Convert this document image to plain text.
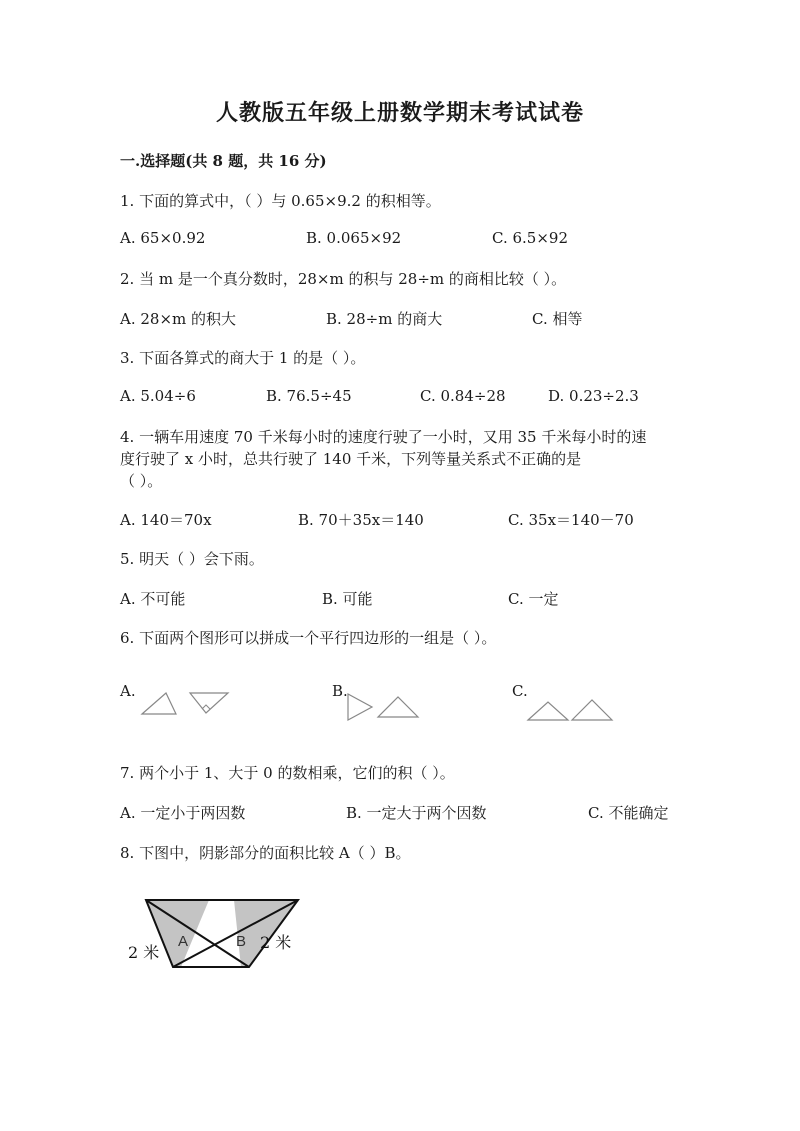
人教版五年级上册数学期末考试试卷
一.选择题(共 8 题，共 16 分)
1. 下面的算式中，（ ）与 0.65×9.2 的积相等。
A. 65×0.92	B. 0.065×92	C. 6.5×92
2. 当 m 是一个真分数时，28×m 的积与 28÷m 的商相比较（ ）。
A. 28×m 的积大	B. 28÷m 的商大	C. 相等
3. 下面各算式的商大于 1 的是（ ）。
A. 5.04÷6	B. 76.5÷45	C. 0.84÷28	D. 0.23÷2.3
4. 一辆车用速度 70 千米每小时的速度行驶了一小时，又用 35 千米每小时的速
度行驶了 x 小时，总共行驶了 140 千米，下列等量关系式不正确的是
（ ）。
A. 140＝70x	B. 70＋35x＝140	C. 35x＝140－70
5. 明天（ ）会下雨。
A. 不可能	B. 可能	C. 一定
6. 下面两个图形可以拼成一个平行四边形的一组是（ ）。
A.	B.	C.
7. 两个小于 1、大于 0 的数相乘，它们的积（ ）。
A. 一定小于两因数	B. 一定大于两个因数	C. 不能确定
8. 下图中，阴影部分的面积比较 A（ ）B。
A	B
2 米
2 米
